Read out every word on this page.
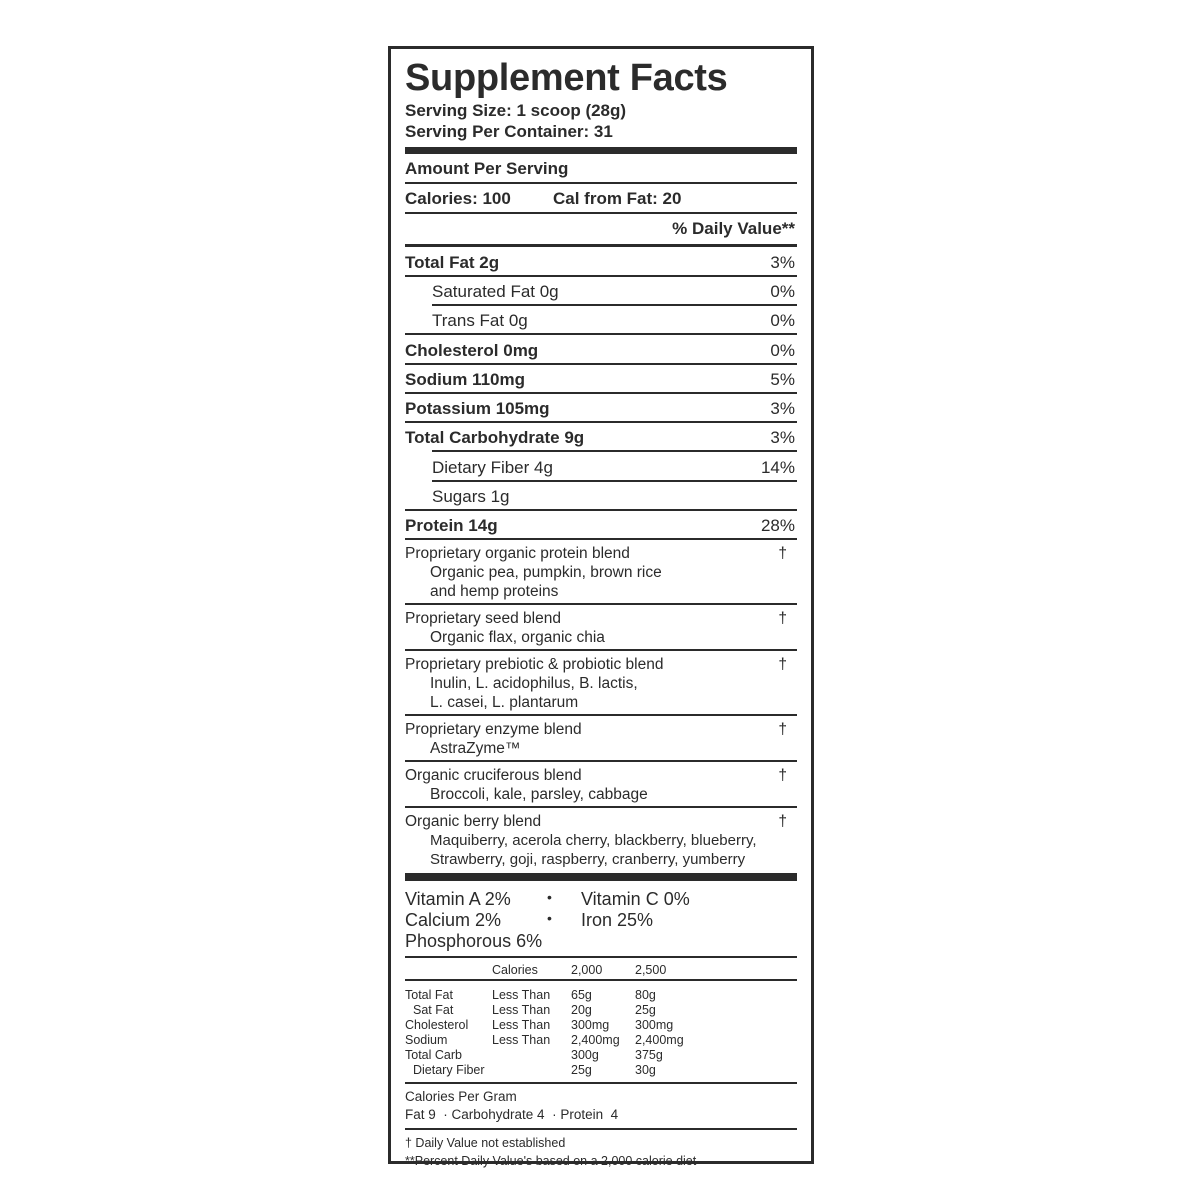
Supplement Facts
Serving Size: 1 scoop (28g)
Serving Per Container: 31
Amount Per Serving
Calories: 100 Cal from Fat: 20
% Daily Value**
Total Fat 2g	3%
Saturated Fat 0g	0%
Trans Fat 0g	0%
Cholesterol 0mg	0%
Sodium 110mg	5%
Potassium 105mg	3%
Total Carbohydrate 9g	3%
Dietary Fiber 4g	14%
Sugars 1g
Protein 14g	28%
Proprietary organic protein blend	†
Organic pea, pumpkin, brown rice
and hemp proteins
Proprietary seed blend	†
Organic flax, organic chia
Proprietary prebiotic & probiotic blend	†
Inulin, L. acidophilus, B. lactis,
L. casei, L. plantarum
Proprietary enzyme blend	†
AstraZyme™
Organic cruciferous blend	†
Broccoli, kale, parsley, cabbage
Organic berry blend	†
Maquiberry, acerola cherry, blackberry, blueberry,
Strawberry, goji, raspberry, cranberry, yumberry
Vitamin A 2%	• Vitamin C 0%
Calcium 2%	• Iron 25%
Phosphorous 6%
Calories	2,000	2,500
Total Fat	Less Than 65g	80g
Sat Fat	Less Than 20g	25g
Cholesterol Less Than 300mg 300mg
Sodium	Less Than 2,400mg 2,400mg
Total Carb	300g	375g
Dietary Fiber	25g	30g
Calories Per Gram
Fat 9  · Carbohydrate 4  · Protein  4
† Daily Value not established
**Percent Daily Value's based on a 2,000 calorie diet
